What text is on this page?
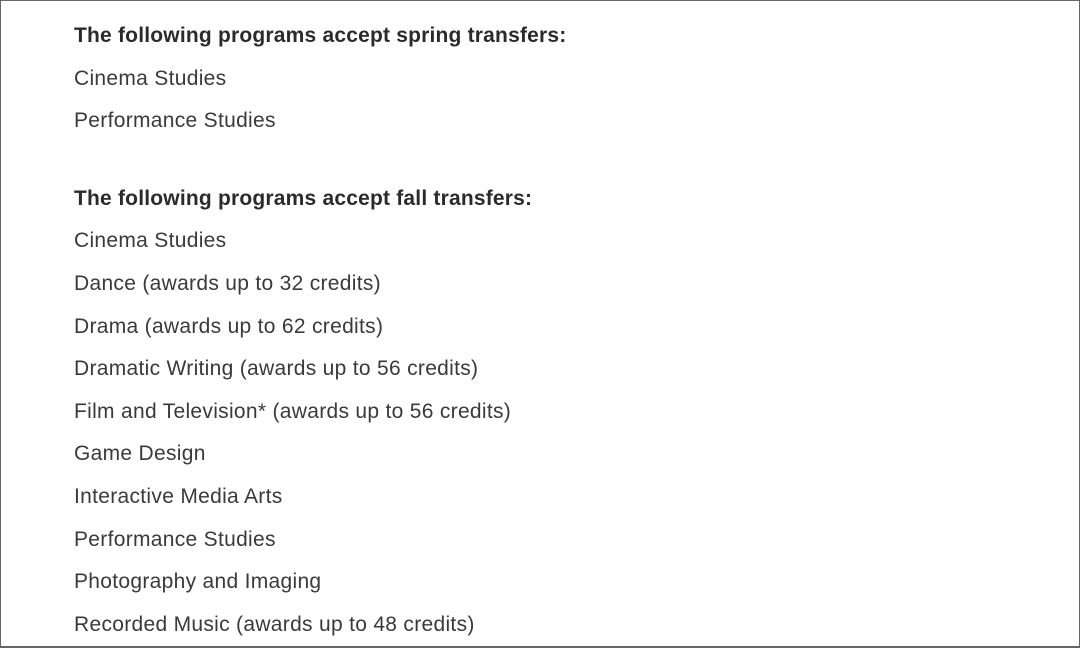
The following programs accept spring transfers:
Cinema Studies
Performance Studies
The following programs accept fall transfers:
Cinema Studies
Dance (awards up to 32 credits)
Drama (awards up to 62 credits)
Dramatic Writing (awards up to 56 credits)
Film and Television* (awards up to 56 credits)
Game Design
Interactive Media Arts
Performance Studies
Photography and Imaging
Recorded Music (awards up to 48 credits)
